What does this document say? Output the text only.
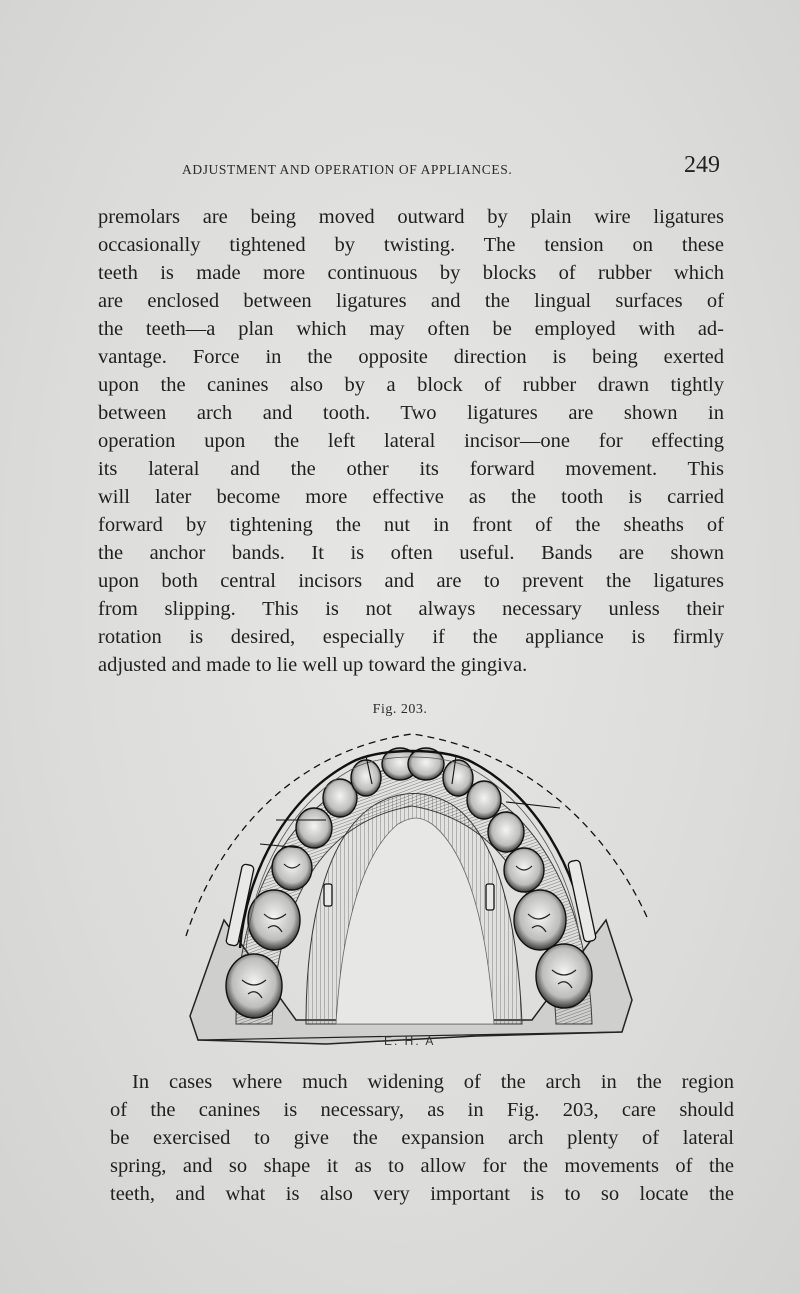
ADJUSTMENT AND OPERATION OF APPLIANCES.	249
premolars are being moved outward by plain wire ligatures
occasionally tightened by twisting. The tension on these
teeth is made more continuous by blocks of rubber which
are enclosed between ligatures and the lingual surfaces of
the teeth—a plan which may often be employed with ad-
vantage. Force in the opposite direction is being exerted
upon the canines also by a block of rubber drawn tightly
between arch and tooth. Two ligatures are shown in
operation upon the left lateral incisor—one for effecting
its lateral and the other its forward movement. This
will later become more effective as the tooth is carried
forward by tightening the nut in front of the sheaths of
the anchor bands. It is often useful. Bands are shown
upon both central incisors and are to prevent the ligatures
from slipping. This is not always necessary unless their
rotation is desired, especially if the appliance is firmly
adjusted and made to lie well up toward the gingiva.
Fig. 203.
E. H. A
In cases where much widening of the arch in the region
of the canines is necessary, as in Fig. 203, care should
be exercised to give the expansion arch plenty of lateral
spring, and so shape it as to allow for the movements of the
teeth, and what is also very important is to so locate the
